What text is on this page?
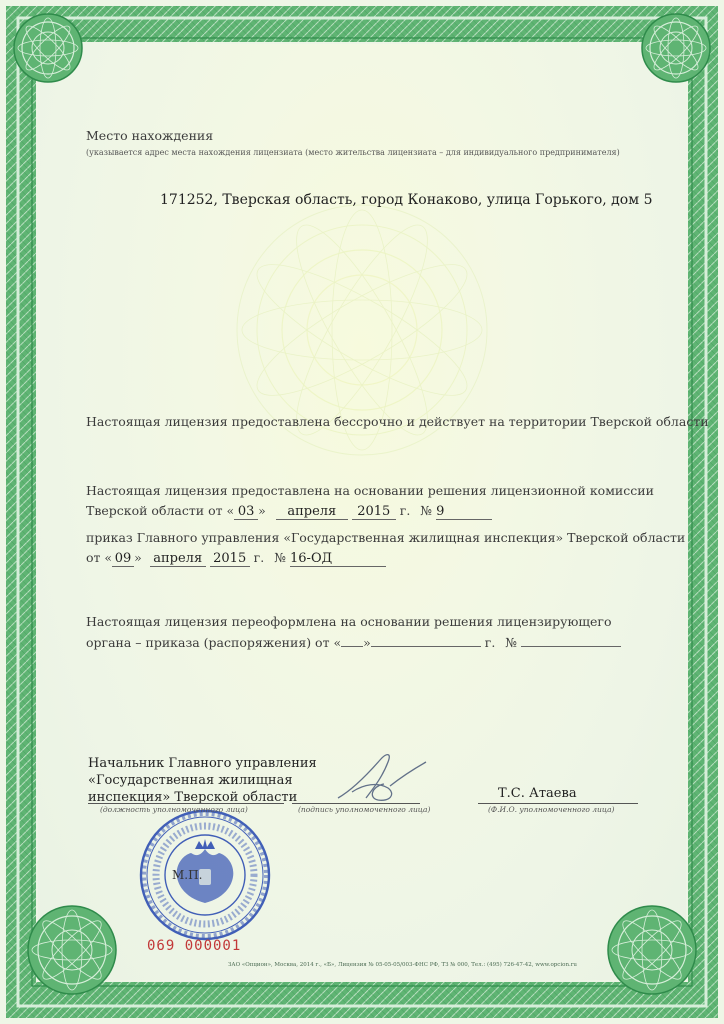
Место нахождения
(указывается адрес места нахождения лицензиата (место жительства лицензиата – для индивидуального предпринимателя)
171252, Тверская область, город Конаково, улица Горького, дом 5
Настоящая лицензия предоставлена бессрочно и действует на территории Тверской области
Настоящая лицензия предоставлена на основании решения лицензионной комиссии
Тверской области от « 03 » апреля 2015 г. № 9
приказ Главного управления «Государственная жилищная инспекция» Тверской области
от « 09 » апреля 2015 г. № 16-ОД
Настоящая лицензия переоформлена на основании решения лицензирующего
органа – приказа (распоряжения) от « »	г. №
Начальник Главного управления
«Государственная жилищная
инспекция» Тверской области
(должность уполномоченного лица)	(подпись уполномоченного лица)
Т.С. Атаева
(Ф.И.О. уполномоченного лица)
М.П.
069 000001
ЗАО «Опцион», Москва, 2014 г., «Б», Лицензия № 05-05-05/003-ФНС РФ, ТЗ № 000, Тел.: (495) 726-47-42, www.opcion.ru
